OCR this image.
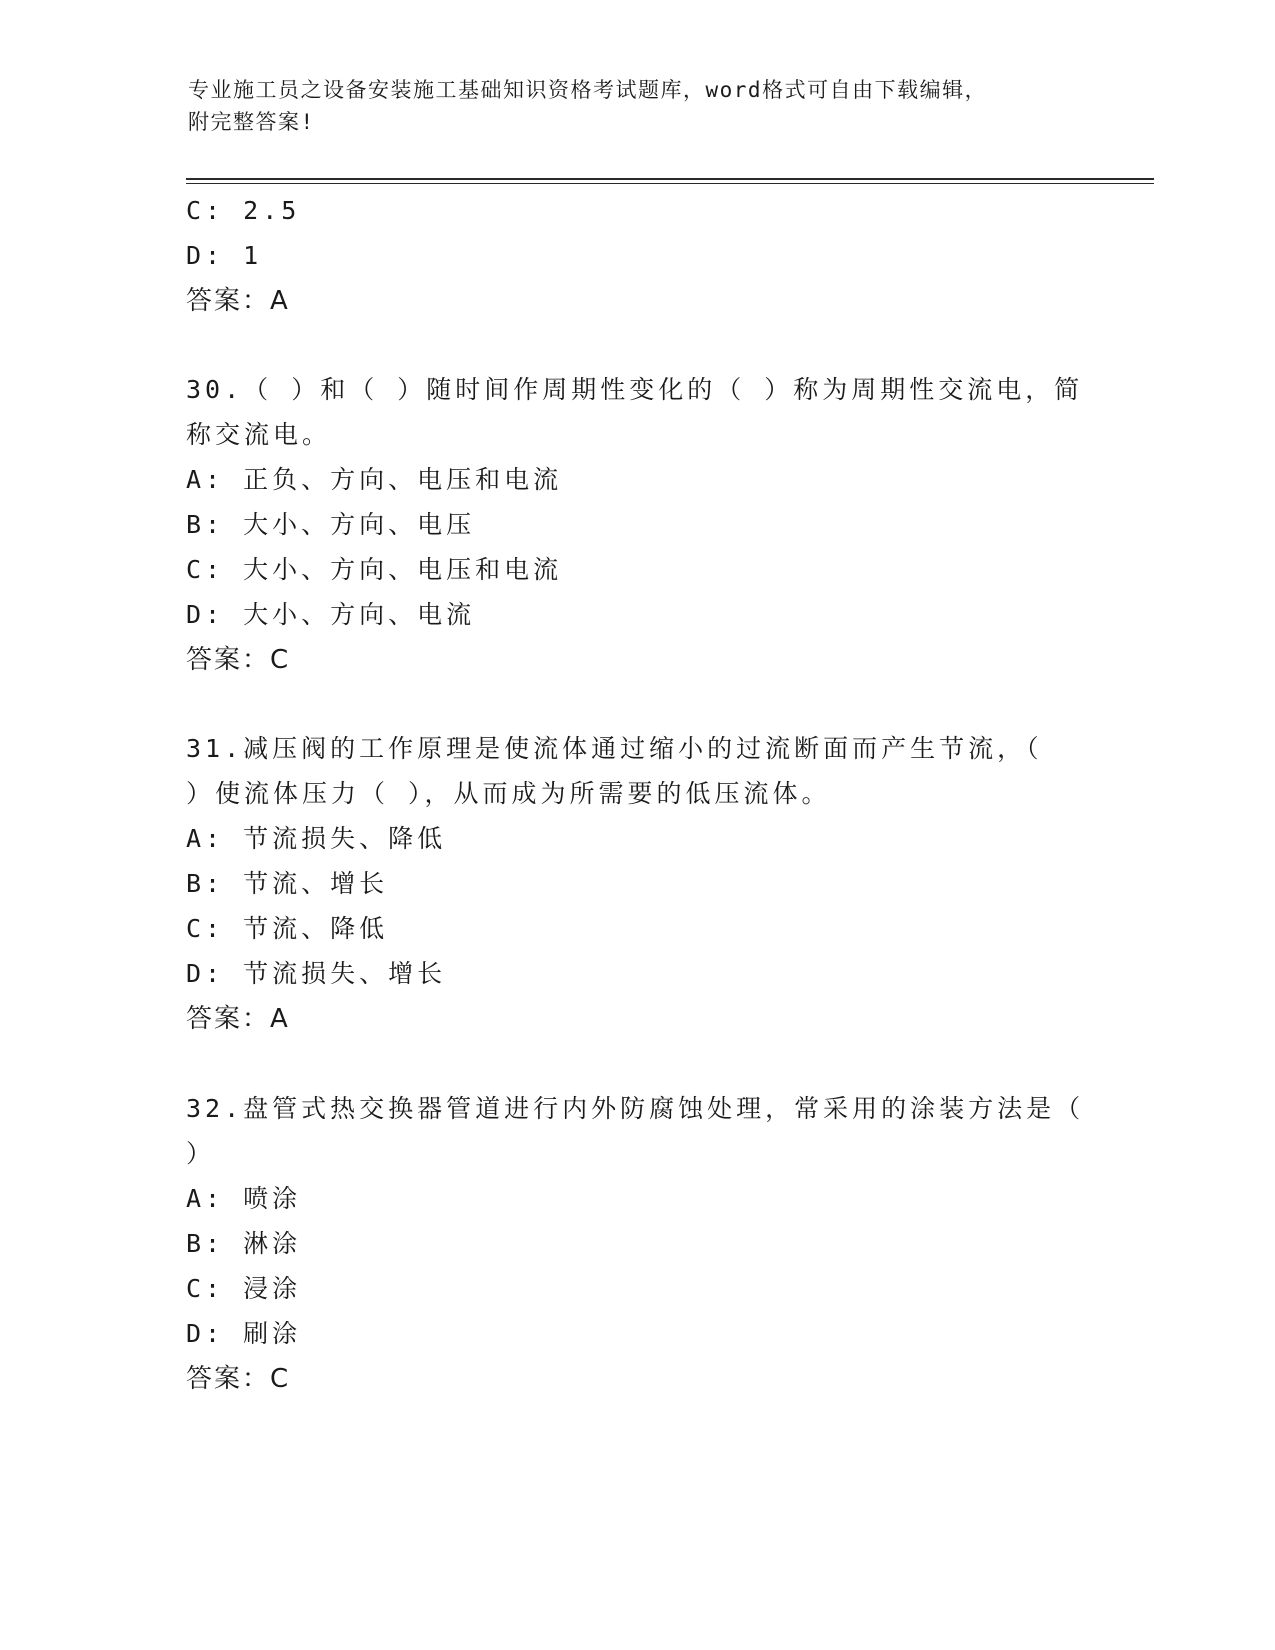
专业施工员之设备安装施工基础知识资格考试题库，word格式可自由下载编辑，
附完整答案!
C: 2.5
D: 1
答案：A
30.（ ）和（ ）随时间作周期性变化的（ ）称为周期性交流电，简
称交流电。
A: 正负、方向、电压和电流
B: 大小、方向、电压
C: 大小、方向、电压和电流
D: 大小、方向、电流
答案：C
31.减压阀的工作原理是使流体通过缩小的过流断面而产生节流，（
）使流体压力（ ），从而成为所需要的低压流体。
A: 节流损失、降低
B: 节流、增长
C: 节流、降低
D: 节流损失、增长
答案：A
32.盘管式热交换器管道进行内外防腐蚀处理，常采用的涂装方法是（
）
A: 喷涂
B: 淋涂
C: 浸涂
D: 刷涂
答案：C
